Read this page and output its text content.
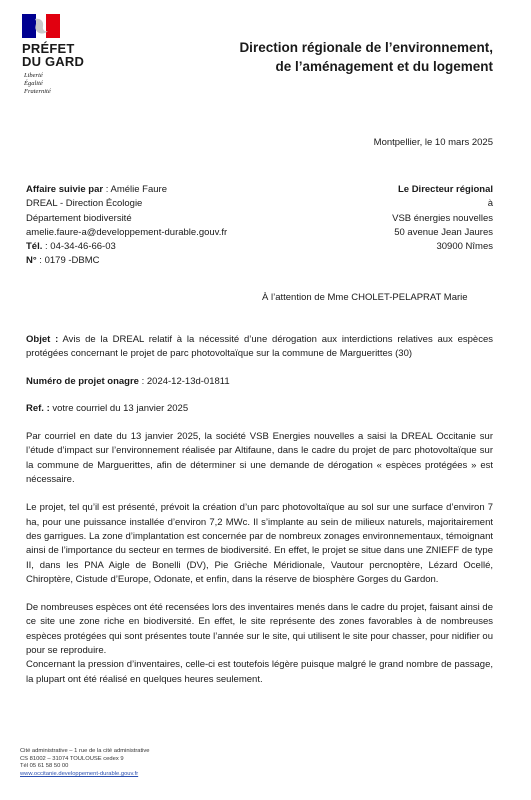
PRÉFET
DU GARD
Liberté
Égalité
Fraternité
Direction régionale de l’environnement,
de l’aménagement et du logement
Montpellier, le 10 mars 2025
Affaire suivie par : Amélie Faure
DREAL - Direction Écologie
Département biodiversité
amelie.faure-a@developpement-durable.gouv.fr
Tél. : 04-34-46-66-03
N° : 0179 -DBMC
Le Directeur régional
à
VSB énergies nouvelles
50 avenue Jean Jaures
30900 Nîmes
À l’attention de Mme CHOLET-PELAPRAT Marie

Objet : Avis de la DREAL relatif à la nécessité d’une dérogation aux interdictions relatives aux espèces protégées concernant le projet de parc photovoltaïque sur la commune de Marguerittes (30)

Numéro de projet onagre : 2024-12-13d-01811

Ref. : votre courriel du 13 janvier 2025

Par courriel en date du 13 janvier 2025, la société VSB Energies nouvelles a saisi la DREAL Occitanie sur l’étude d’impact sur l’environnement réalisée par Altifaune, dans le cadre du projet de parc photovoltaïque sur la commune de Marguerittes, afin de déterminer si une demande de dérogation « espèces protégées » est nécessaire.

Le projet, tel qu’il est présenté, prévoit la création d’un parc photovoltaïque au sol sur une surface d’environ 7 ha, pour une puissance installée d’environ 7,2 MWc. Il s’implante au sein de milieux naturels, majoritairement des garrigues. La zone d’implantation est concernée par de nombreux zonages environnementaux, témoignant ainsi de l’importance du secteur en termes de biodiversité. En effet, le projet se situe dans une ZNIEFF de type II, dans les PNA Aigle de Bonelli (DV), Pie Grièche Méridionale, Vautour percnoptère, Lézard Ocellé, Chiroptère, Cistude d’Europe, Odonate, et enfin, dans la réserve de biosphère Gorges du Gardon.

De nombreuses espèces ont été recensées lors des inventaires menés dans le cadre du projet, faisant ainsi de ce site une zone riche en biodiversité. En effet, le site représente des zones favorables à de nombreuses espèces protégées qui sont présentes toute l’année sur le site, qui utilisent le site pour chasser, pour nidifier ou pour se reproduire.

Concernant la pression d’inventaires, celle-ci est toutefois légère puisque malgré le grand nombre de passage, la plupart ont été réalisé en quelques heures seulement.

Cité administrative – 1 rue de la cité administrative
CS 81002 – 31074 TOULOUSE cedex 9
Tél 05 61 58 50 00
www.occitanie.developpement-durable.gouv.fr
